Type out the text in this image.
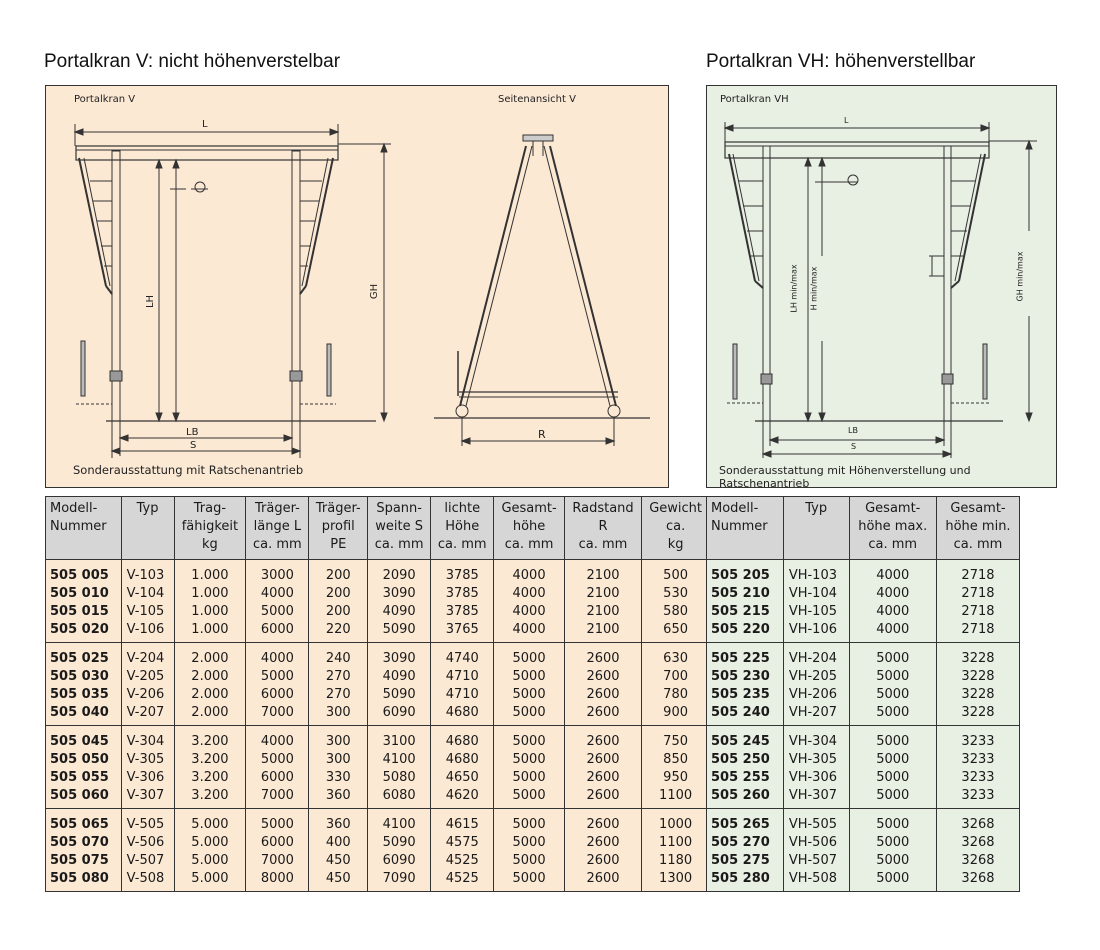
Portalkran V: nicht höhenverstelbar	Portalkran VH: höhenverstellbar
Portalkran V	Seitenansicht V
L
LH
GH
LB
S
R
Sonderausstattung mit Ratschenantrieb
Portalkran VH
L
LH min/max H min/max	GH min/max
LB
S
Sonderausstattung mit Höhenverstellung und Ratschenantrieb
Modell-
Nummer	Typ	Trag-
fähigkeit
kg	Träger-
länge L
ca. mm	Träger-
profil
PE	Spann-
weite S
ca. mm	lichte
Höhe
ca. mm	Gesamt-
höhe
ca. mm	Radstand
R
ca. mm	Gewicht
ca.
kg
505 005	V-103	1.000	3000	200	2090	3785	4000	2100	500
505 010	V-104	1.000	4000	200	3090	3785	4000	2100	530
505 015	V-105	1.000	5000	200	4090	3785	4000	2100	580
505 020	V-106	1.000	6000	220	5090	3765	4000	2100	650
505 025	V-204	2.000	4000	240	3090	4740	5000	2600	630
505 030	V-205	2.000	5000	270	4090	4710	5000	2600	700
505 035	V-206	2.000	6000	270	5090	4710	5000	2600	780
505 040	V-207	2.000	7000	300	6090	4680	5000	2600	900
505 045	V-304	3.200	4000	300	3100	4680	5000	2600	750
505 050	V-305	3.200	5000	300	4100	4680	5000	2600	850
505 055	V-306	3.200	6000	330	5080	4650	5000	2600	950
505 060	V-307	3.200	7000	360	6080	4620	5000	2600	1100
505 065	V-505	5.000	5000	360	4100	4615	5000	2600	1000
505 070	V-506	5.000	6000	400	5090	4575	5000	2600	1100
505 075	V-507	5.000	7000	450	6090	4525	5000	2600	1180
505 080	V-508	5.000	8000	450	7090	4525	5000	2600	1300
Modell-
Nummer	Typ	Gesamt-
höhe max.
ca. mm	Gesamt-
höhe min.
ca. mm
505 205	VH-103	4000	2718
505 210	VH-104	4000	2718
505 215	VH-105	4000	2718
505 220	VH-106	4000	2718
505 225	VH-204	5000	3228
505 230	VH-205	5000	3228
505 235	VH-206	5000	3228
505 240	VH-207	5000	3228
505 245	VH-304	5000	3233
505 250	VH-305	5000	3233
505 255	VH-306	5000	3233
505 260	VH-307	5000	3233
505 265	VH-505	5000	3268
505 270	VH-506	5000	3268
505 275	VH-507	5000	3268
505 280	VH-508	5000	3268
